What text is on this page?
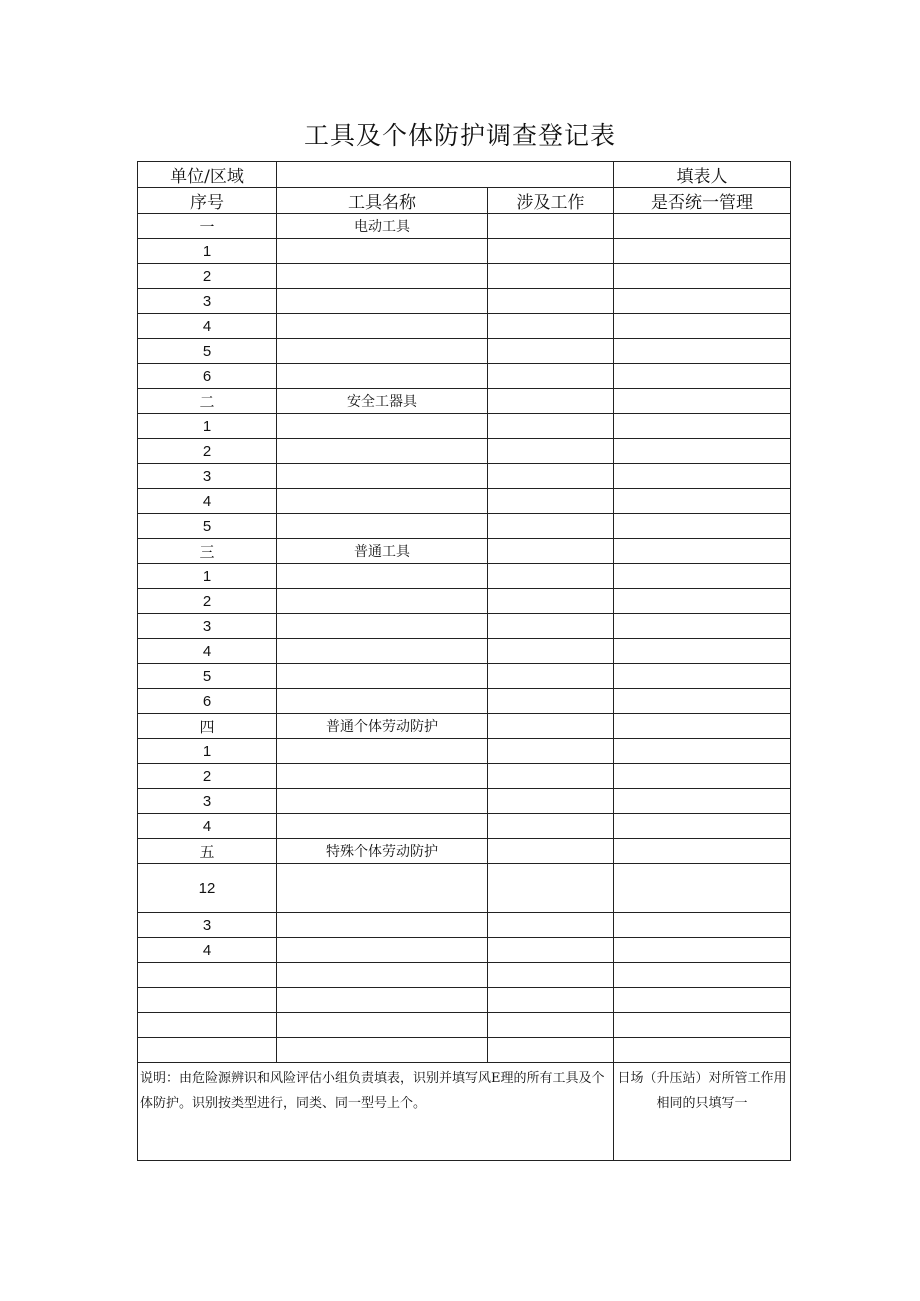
工具及个体防护调查登记表
单位/区域			填表人
序号	工具名称	涉及工作	是否统一管理
一	电动工具		
1			
2			
3			
4			
5			
6			
二	安全工器具		
1			
2			
3			
4			
5			
三	普通工具		
1			
2			
3			
4			
5			
6			
四	普通个体劳动防护		
1			
2			
3			
4			
五	特殊个体劳动防护		
12			
3			
4			

说明：由危险源辨识和风险评估小组负责填表，识别并填写风E理的所有工具及个体防护。识别按类型进行，同类、同一型号上个。			日场（升压站）对所管工作用相同的只填写一
